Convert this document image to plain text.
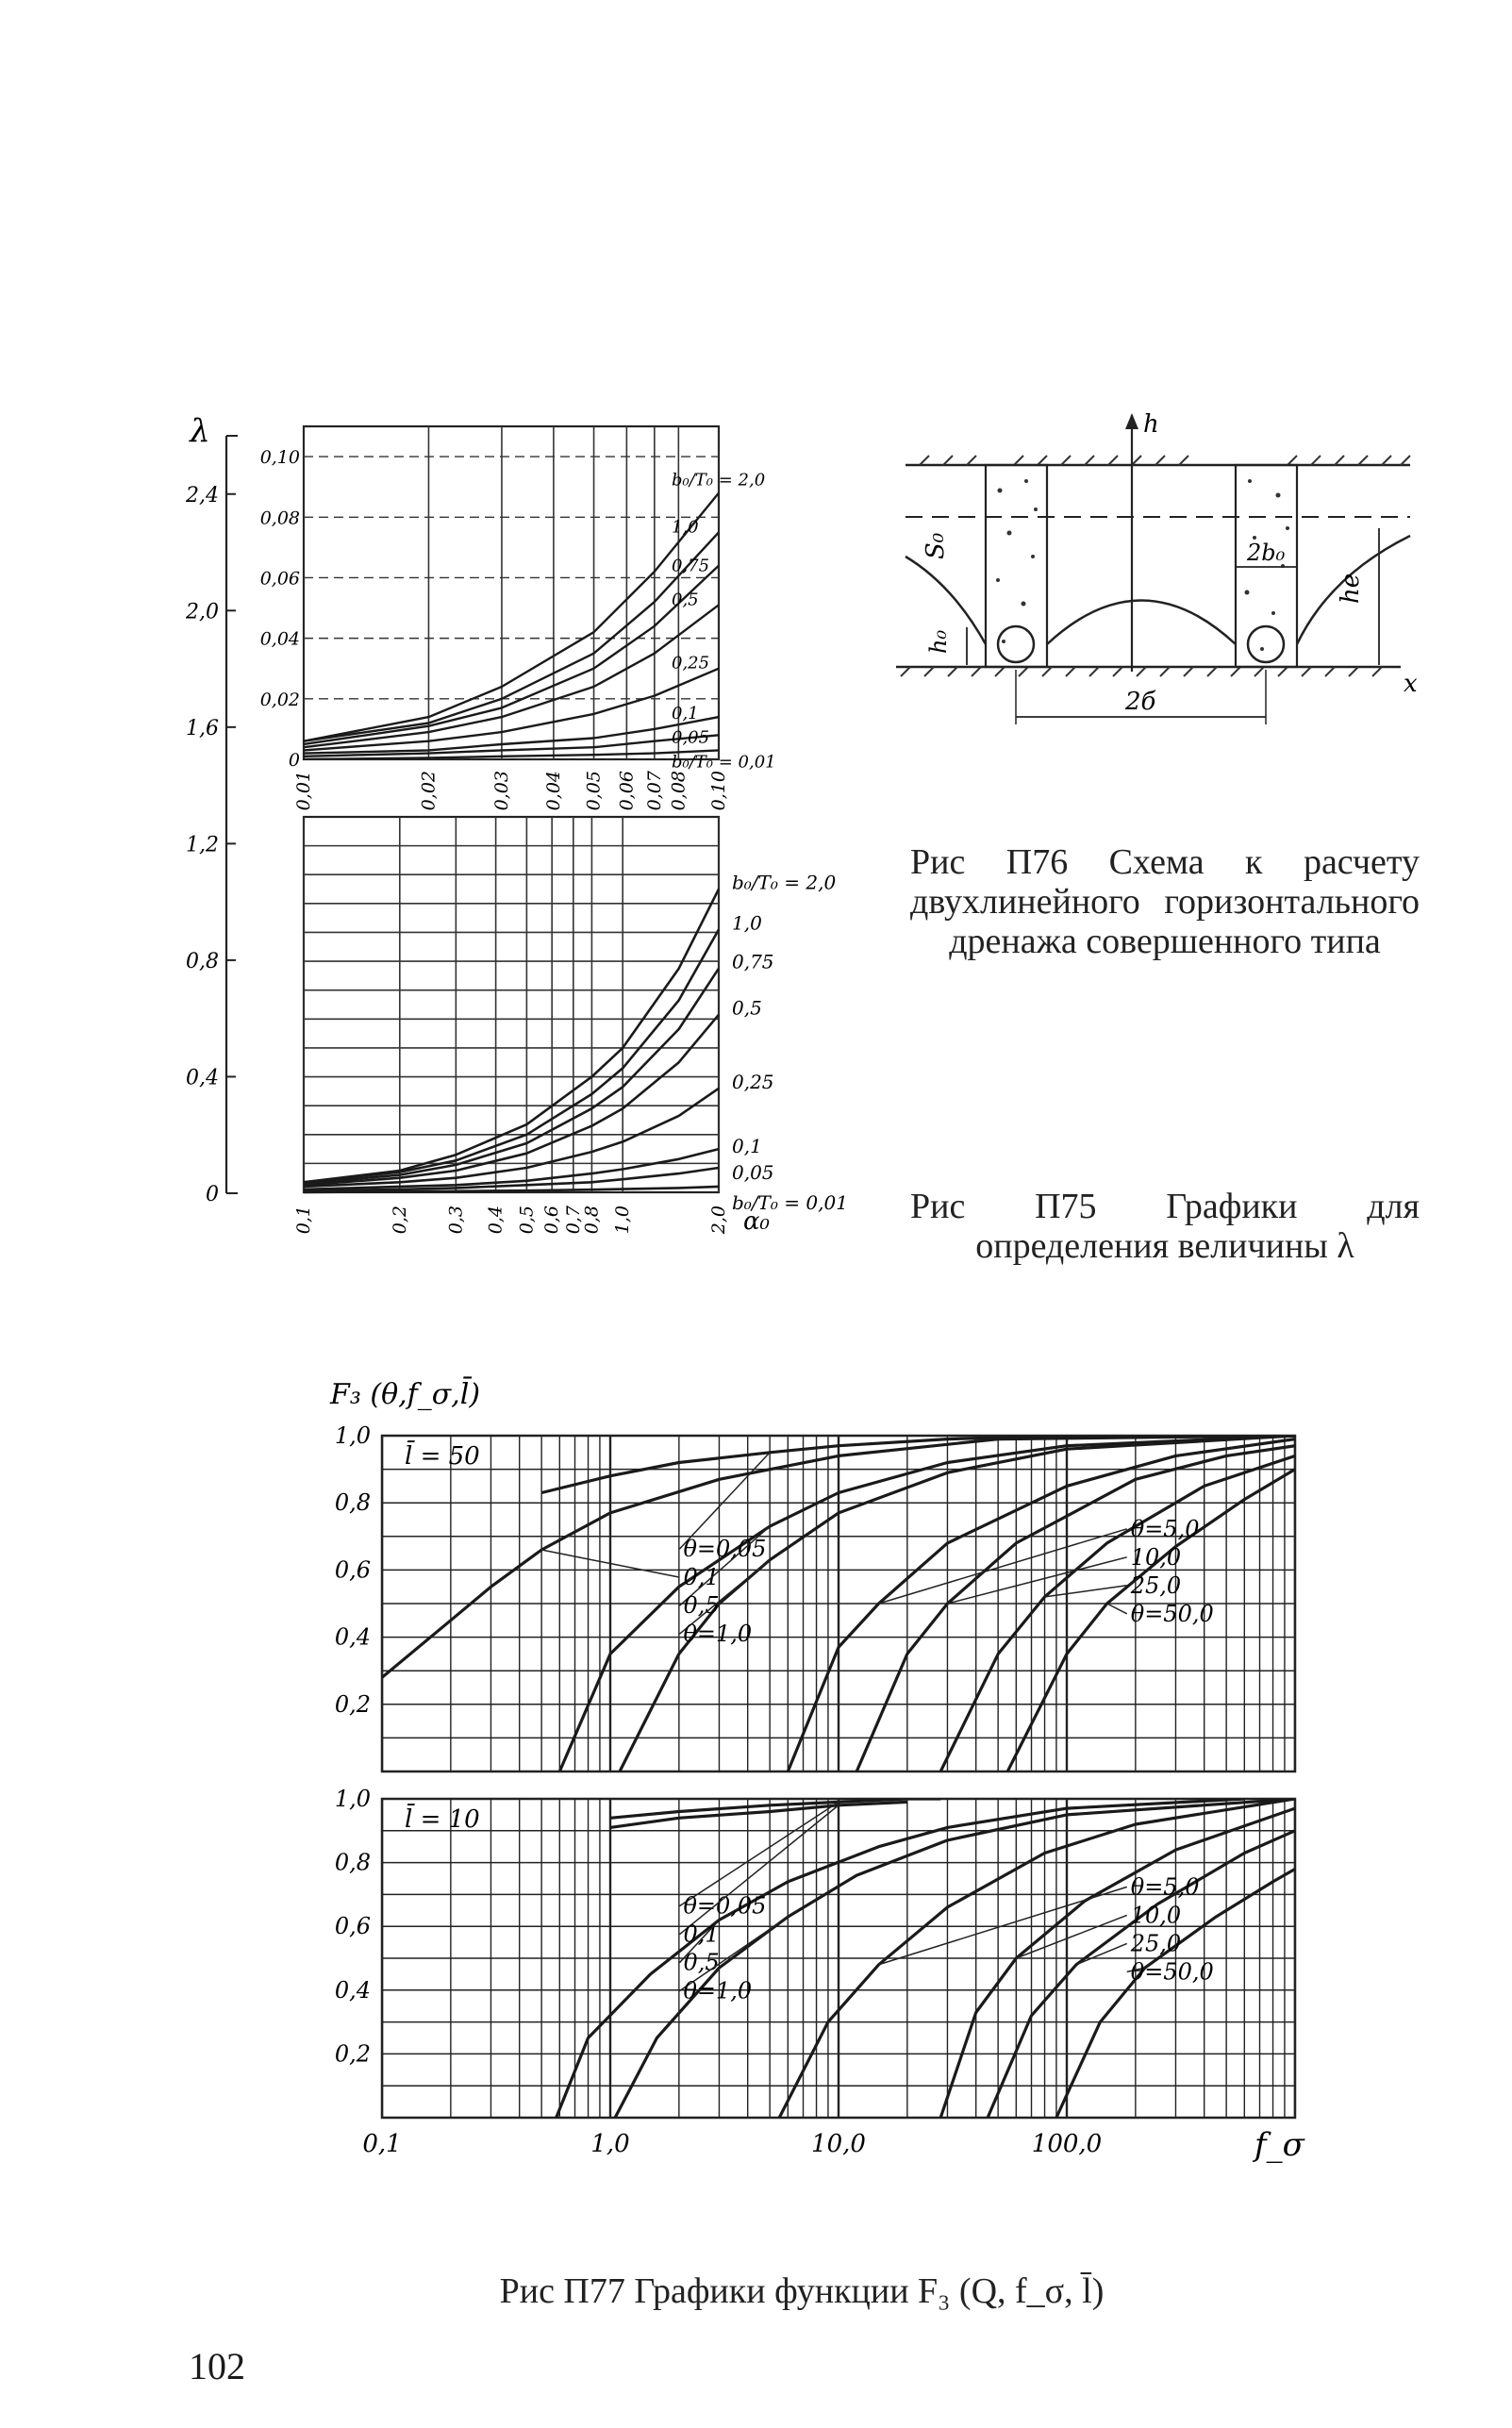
0
0,4
0,8
1,2
1,6
2,0
2,4
λ
0,1	0,2 0,3 0,4 0,5 0,6 0,7
0,8 1,0	2,0
b₀/T₀ = 2,0
1,0
0,75
0,5
0,25
0,1
0,05
b₀/T₀ = 0,01
α₀
0
0,02
0,04
0,06
0,08
0,10
0,01	0,02	0,03 0,04 0,05 0,06 0,07 0,08 0,10
b₀/T₀ = 2,0
1,0
0,75
0,5
0,25
0,1
0,05
b₀/T₀ = 0,01
h
x
he
h₀
S₀	2b₀
2б
F₃ (θ,f_σ,l̄)
0,2
0,4
0,6
0,8
1,0
l̄ = 50
θ=0,05
0,1
0,5
θ=1,0
θ=5,0
10,0
25,0
θ=50,0
0,2
0,4
0,6
0,8
1,0
0,1	1,0	10,0	100,0
l̄ = 10
θ=0,05
0,1
0,5
θ=1,0
θ=5,0
10,0
25,0
θ=50,0
f_σ
Рис П76 Схема к расчету двухлинейного горизонтального дренажа совершенного типа
Рис П75 Графики для определения величины λ
Рис П77 Графики функции F₃ (Q, f_σ, l̄)
102
